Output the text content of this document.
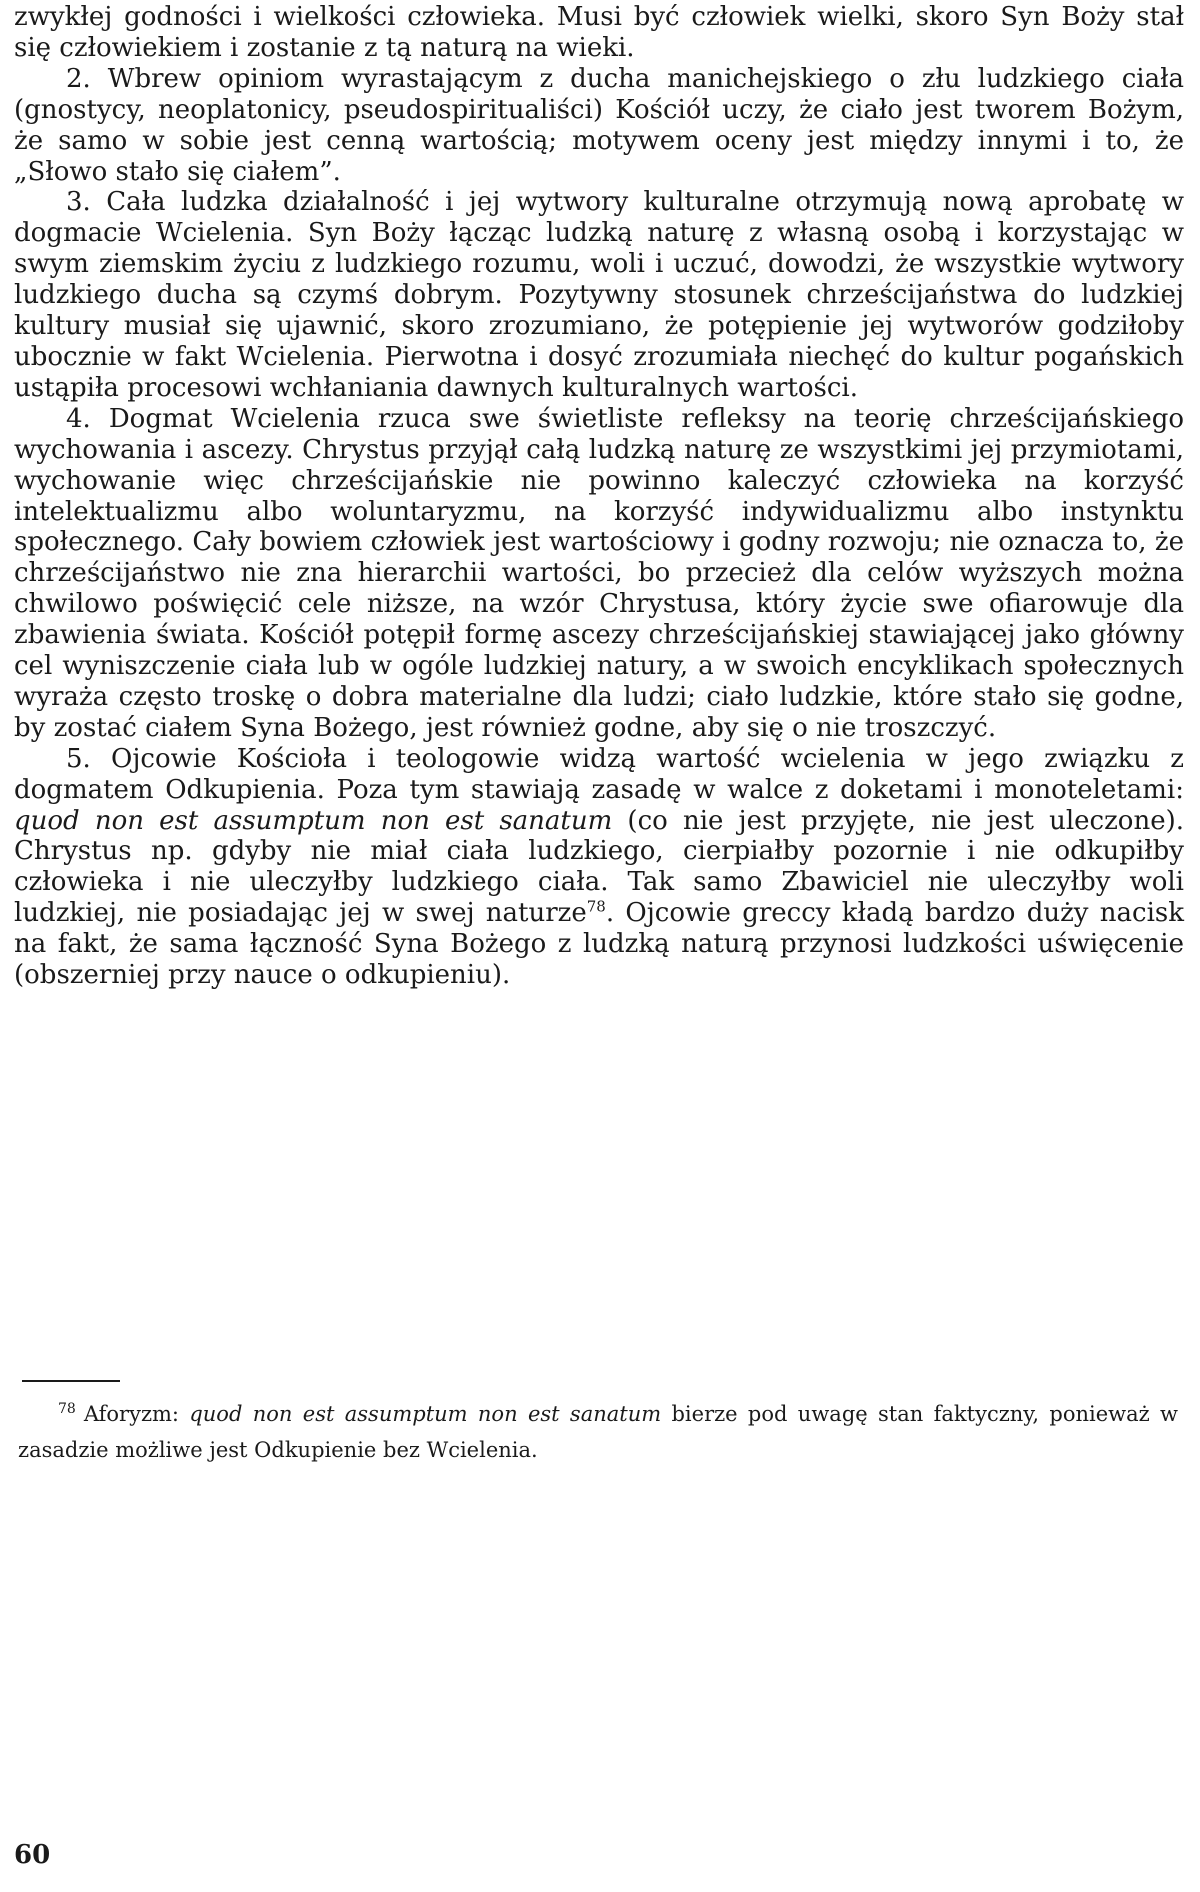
zwykłej godności i wielkości człowieka. Musi być człowiek wielki, skoro Syn Boży stał się człowiekiem i zostanie z tą naturą na wieki.

2. Wbrew opiniom wyrastającym z ducha manichejskiego o złu ludzkiego ciała (gnostycy, neoplatonicy, pseudospiritualiści) Kościół uczy, że ciało jest tworem Bożym, że samo w sobie jest cenną wartością; motywem oceny jest między innymi i to, że „Słowo stało się ciałem”.

3. Cała ludzka działalność i jej wytwory kulturalne otrzymują nową aprobatę w dogmacie Wcielenia. Syn Boży łącząc ludzką naturę z własną osobą i korzystając w swym ziemskim życiu z ludzkiego rozumu, woli i uczuć, dowodzi, że wszystkie wytwory ludzkiego ducha są czymś dobrym. Pozytywny stosunek chrześcijaństwa do ludzkiej kultury musiał się ujawnić, skoro zrozumiano, że potępienie jej wytworów godziłoby ubocznie w fakt Wcielenia. Pierwotna i dosyć zrozumiała niechęć do kultur pogańskich ustąpiła procesowi wchłaniania dawnych kulturalnych wartości.

4. Dogmat Wcielenia rzuca swe świetliste refleksy na teorię chrześcijańskiego wychowania i ascezy. Chrystus przyjął całą ludzką naturę ze wszystkimi jej przymiotami, wychowanie więc chrześcijańskie nie powinno kaleczyć człowieka na korzyść intelektualizmu albo woluntaryzmu, na korzyść indywidualizmu albo instynktu społecznego. Cały bowiem człowiek jest wartościowy i godny rozwoju; nie oznacza to, że chrześcijaństwo nie zna hierarchii wartości, bo przecież dla celów wyższych można chwilowo poświęcić cele niższe, na wzór Chrystusa, który życie swe ofiarowuje dla zbawienia świata. Kościół potępił formę ascezy chrześcijańskiej stawiającej jako główny cel wyniszczenie ciała lub w ogóle ludzkiej natury, a w swoich encyklikach społecznych wyraża często troskę o dobra materialne dla ludzi; ciało ludzkie, które stało się godne, by zostać ciałem Syna Bożego, jest również godne, aby się o nie troszczyć.

5. Ojcowie Kościoła i teologowie widzą wartość wcielenia w jego związku z dogmatem Odkupienia. Poza tym stawiają zasadę w walce z doketami i monoteletami: quod non est assumptum non est sanatum (co nie jest przyjęte, nie jest uleczone). Chrystus np. gdyby nie miał ciała ludzkiego, cierpiałby pozornie i nie odkupiłby człowieka i nie uleczyłby ludzkiego ciała. Tak samo Zbawiciel nie uleczyłby woli ludzkiej, nie posiadając jej w swej naturze$^{78}$. Ojcowie greccy kładą bardzo duży nacisk na fakt, że sama łączność Syna Bożego z ludzką naturą przynosi ludzkości uświęcenie (obszerniej przy nauce o odkupieniu).

$^{78}$ Aforyzm: quod non est assumptum non est sanatum bierze pod uwagę stan faktyczny, ponieważ w zasadzie możliwe jest Odkupienie bez Wcielenia.
60
